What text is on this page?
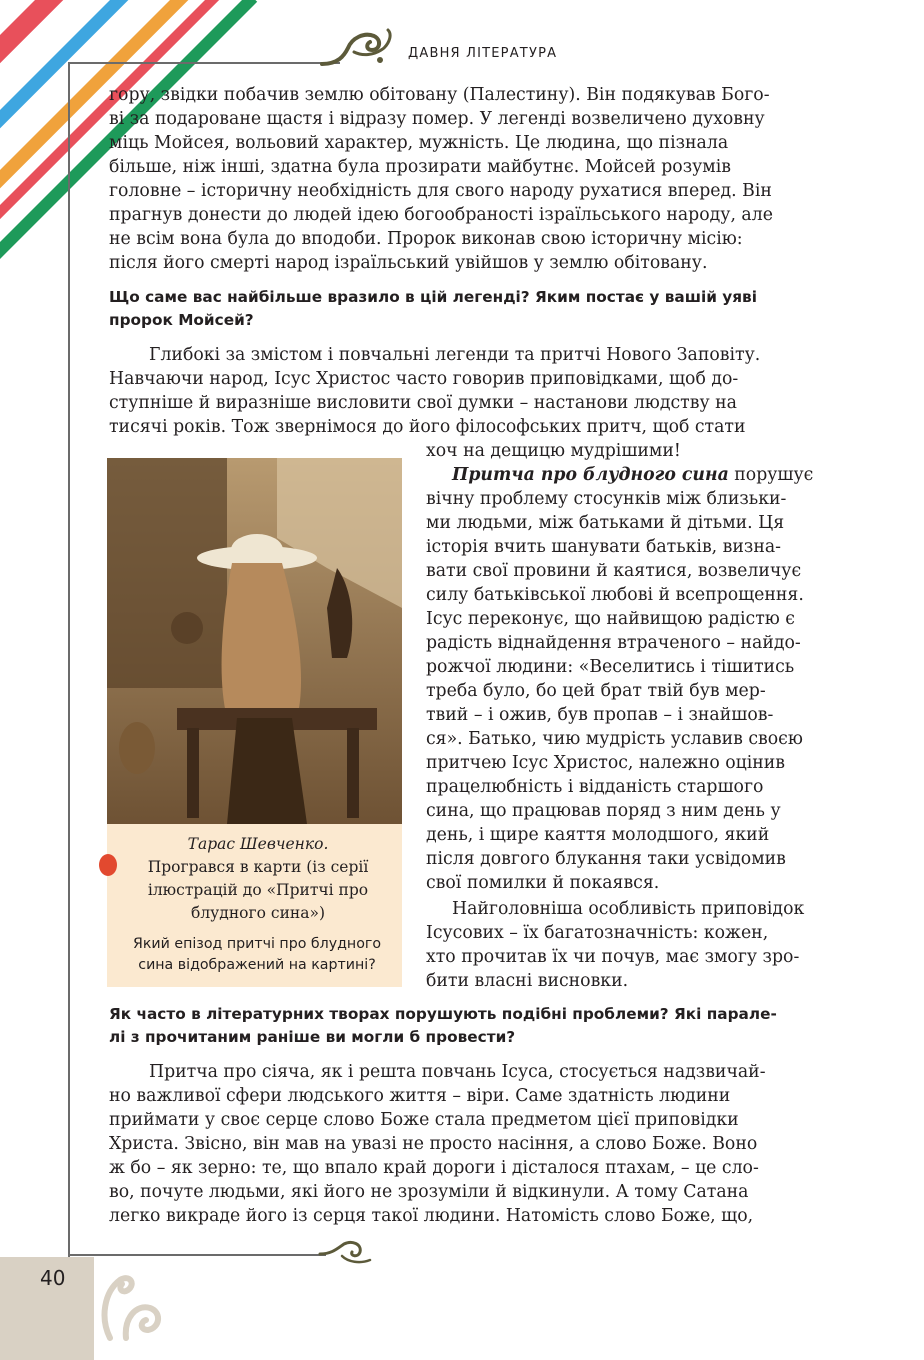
ДАВНЯ ЛІТЕРАТУРА

гору, звідки побачив землю обітовану (Палестину). Він подякував Бого-

ві за подароване щастя і відразу помер. У легенді возвеличено духовну

міць Мойсея, вольовий характер, мужність. Це людина, що пізнала

більше, ніж інші, здатна була прозирати майбутнє. Мойсей розумів

головне – історичну необхідність для свого народу рухатися вперед. Він

прагнув донести до людей ідею богообраності ізраїльського народу, але

не всім вона була до вподоби. Пророк виконав свою історичну місію:

після його смерті народ ізраїльський увійшов у землю обітовану.

Що саме вас найбільше вразило в цій легенді? Яким постає у вашій уяві

пророк Мойсей?

Глибокі за змістом і повчальні легенди та притчі Нового Заповіту.

Навчаючи народ, Ісус Христос часто говорив приповідками, щоб до-

ступніше й виразніше висловити свої думки – настанови людству на

тисячі років. Тож звернімося до його філософських притч, щоб стати

хоч на дещицю мудрішими!

Тарас Шевченко.

Програвся в карти (із серії

ілюстрацій до «Притчі про

блудного сина»)

Який епізод притчі про блудного

сина відображений на картині?

Притча про блудного сина порушує

вічну проблему стосунків між близьки-

ми людьми, між батьками й дітьми. Ця

історія вчить шанувати батьків, визна-

вати свої провини й каятися, возвеличує

силу батьківської любові й всепрощення.

Ісус переконує, що найвищою радістю є

радість віднайдення втраченого – найдо-

рожчої людини: «Веселитись і тішитись

треба було, бо цей брат твій був мер-

твий – і ожив, був пропав – і знайшов-

ся». Батько, чию мудрість уславив своєю

притчею Ісус Христос, належно оцінив

працелюбність і відданість старшого

сина, що працював поряд з ним день у

день, і щире каяття молодшого, який

після довгого блукання таки усвідомив

свої помилки й покаявся.

Найголовніша особливість приповідок

Ісусових – їх багатозначність: кожен,

хто прочитав їх чи почув, має змогу зро-

бити власні висновки.

Як часто в літературних творах порушують подібні проблеми? Які парале-

лі з прочитаним раніше ви могли б провести?

Притча про сіяча, як і решта повчань Ісуса, стосується надзвичай-

но важливої сфери людського життя – віри. Саме здатність людини

приймати у своє серце слово Боже стала предметом цієї приповідки

Христа. Звісно, він мав на увазі не просто насіння, а слово Боже. Воно

ж бо – як зерно: те, що впало край дороги і дісталося птахам, – це сло-

во, почуте людьми, які його не зрозуміли й відкинули. А тому Сатана

легко викраде його із серця такої людини. Натомість слово Боже, що,

40
